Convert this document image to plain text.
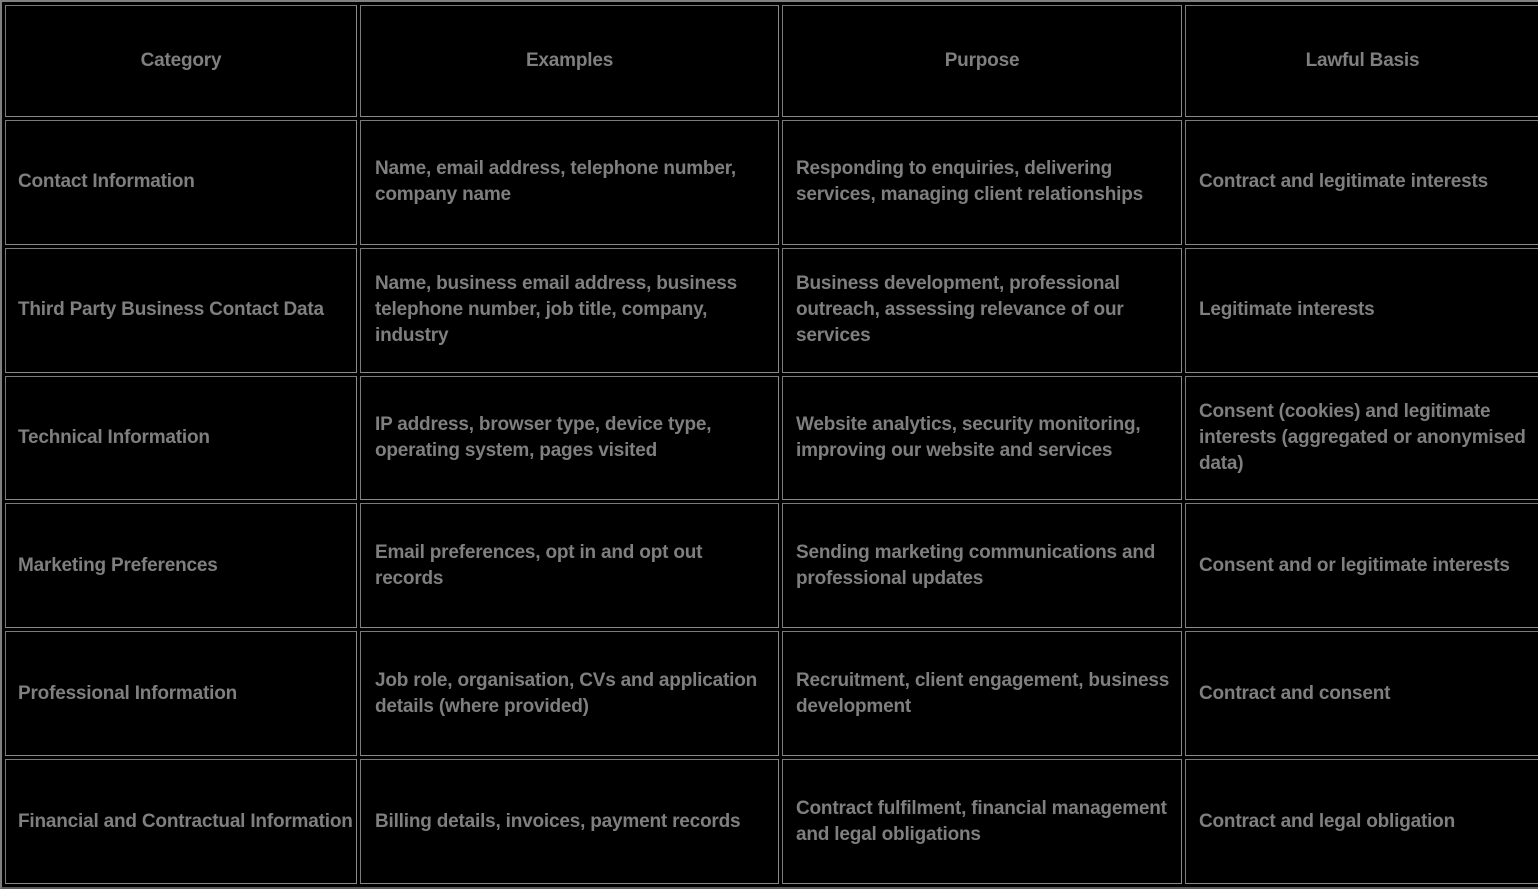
Category	Examples	Purpose	Lawful Basis
Contact Information	Name, email address, telephone number, company name	Responding to enquiries, delivering services, managing client relationships	Contract and legitimate interests
Third Party Business Contact Data	Name, business email address, business telephone number, job title, company, industry	Business development, professional outreach, assessing relevance of our services	Legitimate interests
Technical Information	IP address, browser type, device type, operating system, pages visited	Website analytics, security monitoring, improving our website and services	Consent (cookies) and legitimate interests (aggregated or anonymised data)
Marketing Preferences	Email preferences, opt in and opt out records	Sending marketing communications and professional updates	Consent and or legitimate interests
Professional Information	Job role, organisation, CVs and application details (where provided)	Recruitment, client engagement, business development	Contract and consent
Financial and Contractual Information	Billing details, invoices, payment records	Contract fulfilment, financial management and legal obligations	Contract and legal obligation
